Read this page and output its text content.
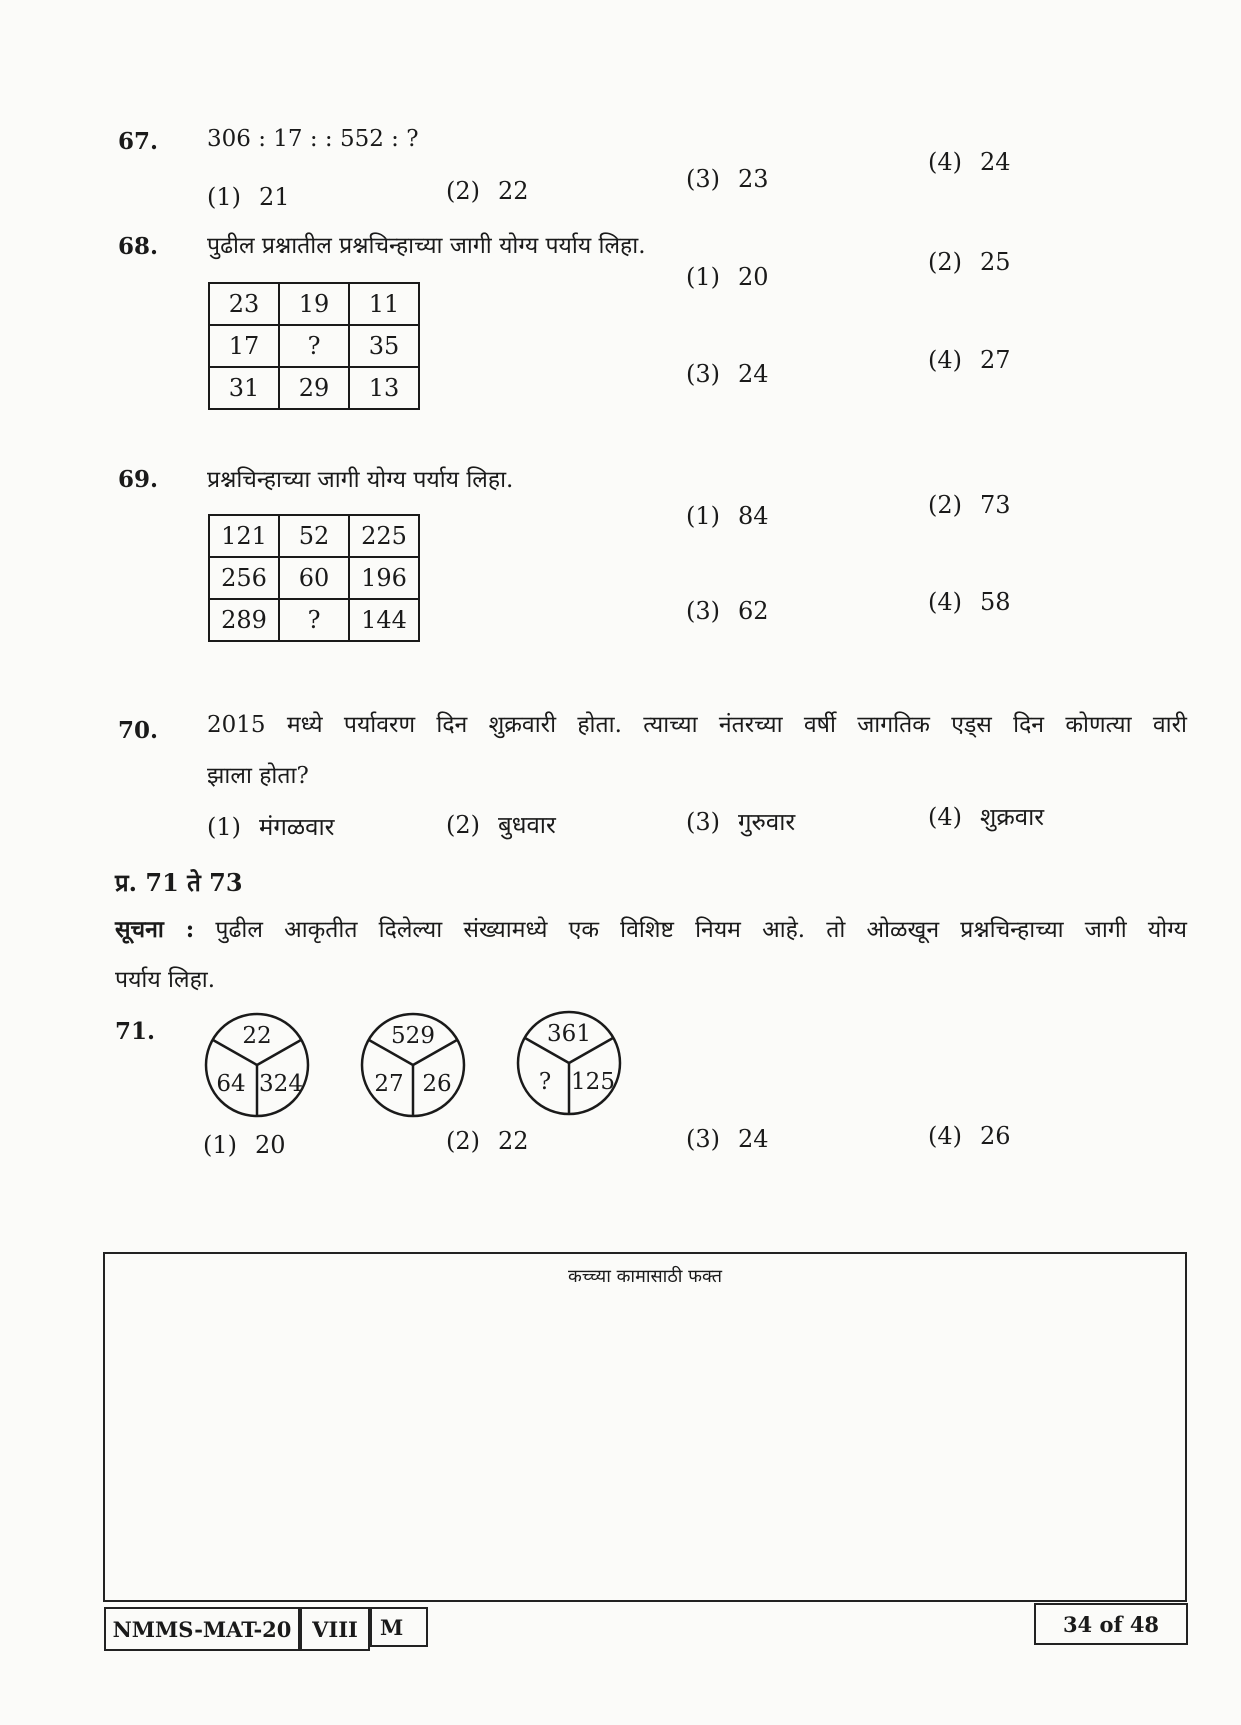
67. 306 : 17 : : 552 : ?
(1) 21	(2) 22	(3) 23
(4) 24
68. पुढील प्रश्नातील प्रश्नचिन्हाच्या जागी योग्य पर्याय लिहा.
23	19	11
17	?	35
31	29	13
(1) 20
(2) 25
(3) 24	(4) 27
69. प्रश्नचिन्हाच्या जागी योग्य पर्याय लिहा.
121	52	225
256	60	196
289	?	144
(1) 84	(2) 73
(3) 62	(4) 58
70. 2015 मध्ये पर्यावरण दिन शुक्रवारी होता. त्याच्या नंतरच्या वर्षी जागतिक एड्स दिन कोणत्या वारी
झाला होता?
(1) मंगळवार	(2) बुधवार	(3) गुरुवार	(4) शुक्रवार
प्र. 71 ते 73
सूचना : पुढील आकृतीत दिलेल्या संख्यामध्ये एक विशिष्ट नियम आहे. तो ओळखून प्रश्नचिन्हाच्या जागी योग्य
पर्याय लिहा.
71.	22
64 324
529
27 26
361
? 125
(1) 20	(2) 22	(3) 24	(4) 26
कच्च्या कामासाठी फक्त
NMMS-MAT-20 VIII	M	34 of 48
